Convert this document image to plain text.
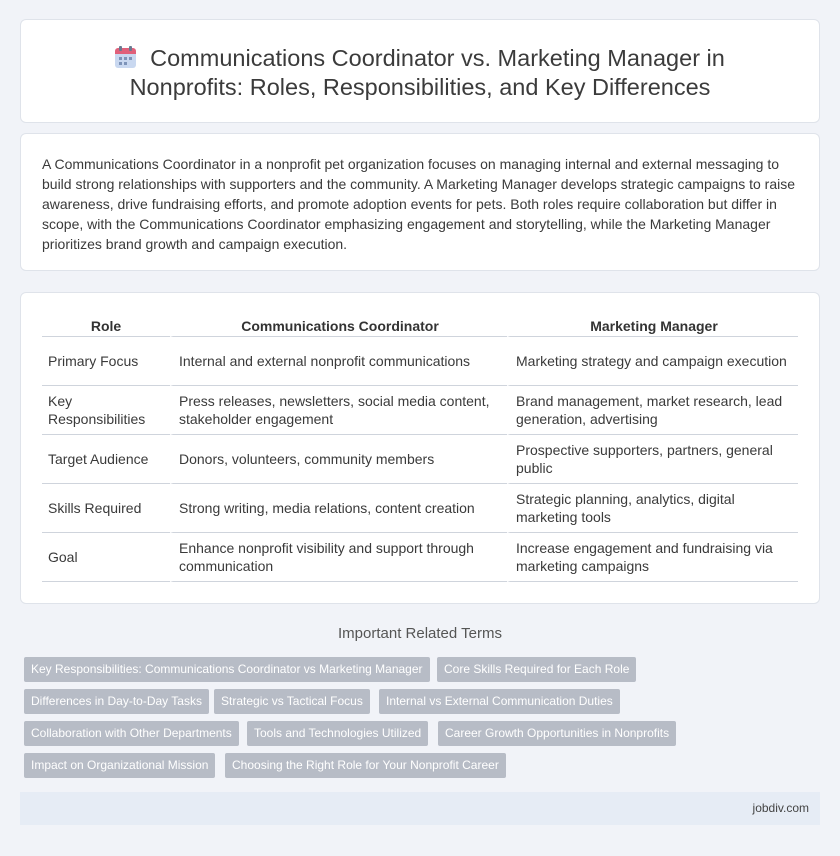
Communications Coordinator vs. Marketing Manager in
Nonprofits: Roles, Responsibilities, and Key Differences

A Communications Coordinator in a nonprofit pet organization focuses on managing internal and external messaging to build strong relationships with supporters and the community. A Marketing Manager develops strategic campaigns to raise awareness, drive fundraising efforts, and promote adoption events for pets. Both roles require collaboration but differ in scope, with the Communications Coordinator emphasizing engagement and storytelling, while the Marketing Manager prioritizes brand growth and campaign execution.

Role	Communications Coordinator	Marketing Manager
Primary Focus	Internal and external nonprofit communications	Marketing strategy and campaign execution
Key Responsibilities	Press releases, newsletters, social media content, stakeholder engagement	Brand management, market research, lead generation, advertising
Target Audience	Donors, volunteers, community members	Prospective supporters, partners, general public
Skills Required	Strong writing, media relations, content creation	Strategic planning, analytics, digital marketing tools
Goal	Enhance nonprofit visibility and support through communication	Increase engagement and fundraising via marketing campaigns
Important Related Terms
Key Responsibilities: Communications Coordinator vs Marketing Manager	Core Skills Required for Each Role
Differences in Day-to-Day Tasks	Strategic vs Tactical Focus	Internal vs External Communication Duties
Collaboration with Other Departments	Tools and Technologies Utilized	Career Growth Opportunities in Nonprofits
Impact on Organizational Mission	Choosing the Right Role for Your Nonprofit Career
jobdiv.com
